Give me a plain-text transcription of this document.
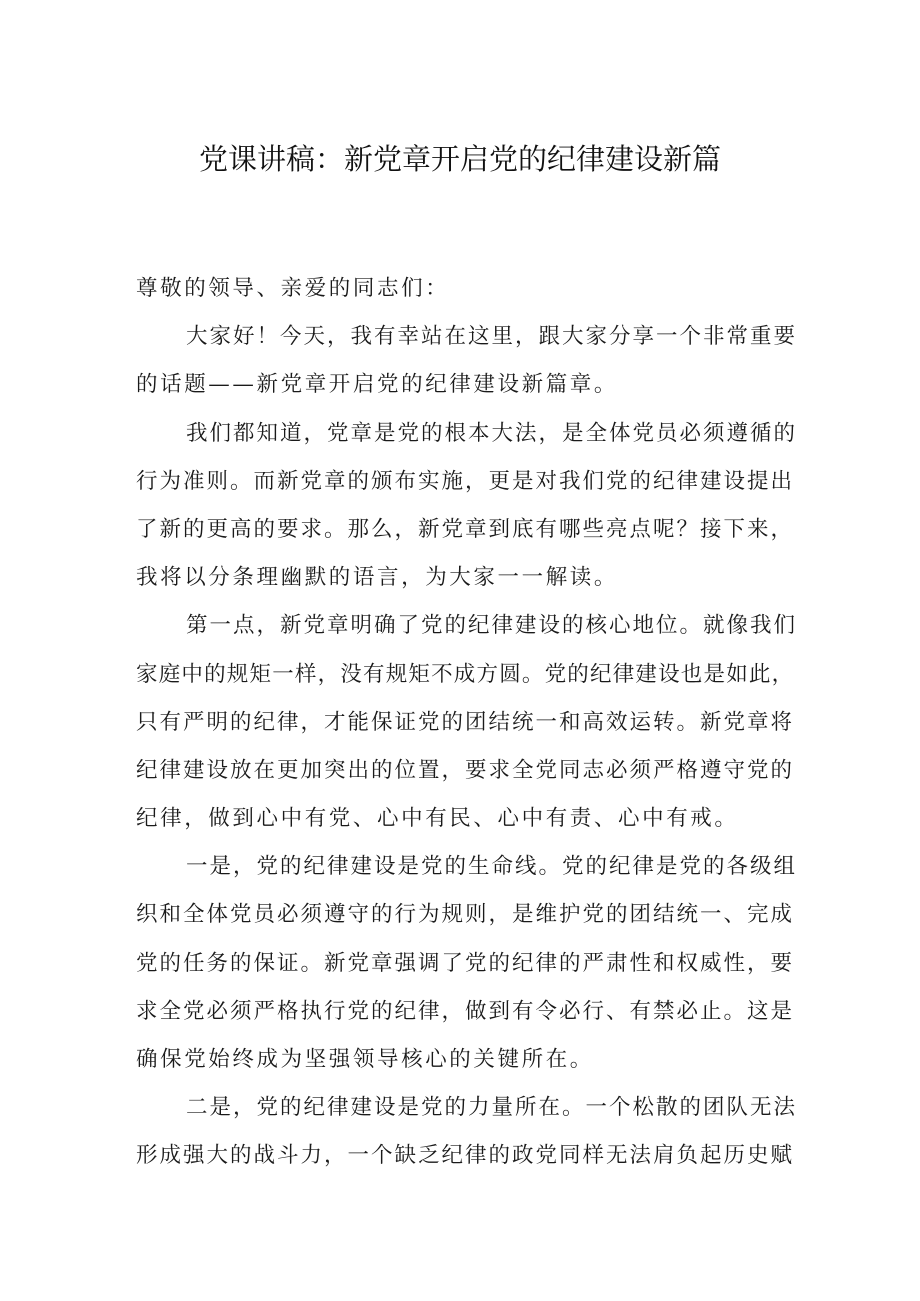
党课讲稿：新党章开启党的纪律建设新篇
尊敬的领导、亲爱的同志们：
大家好！今天，我有幸站在这里，跟大家分享一个非常重要
的话题——新党章开启党的纪律建设新篇章。
我们都知道，党章是党的根本大法，是全体党员必须遵循的
行为准则。而新党章的颁布实施，更是对我们党的纪律建设提出
了新的更高的要求。那么，新党章到底有哪些亮点呢？接下来，
我将以分条理幽默的语言，为大家一一解读。
第一点，新党章明确了党的纪律建设的核心地位。就像我们
家庭中的规矩一样，没有规矩不成方圆。党的纪律建设也是如此，
只有严明的纪律，才能保证党的团结统一和高效运转。新党章将
纪律建设放在更加突出的位置，要求全党同志必须严格遵守党的
纪律，做到心中有党、心中有民、心中有责、心中有戒。
一是，党的纪律建设是党的生命线。党的纪律是党的各级组
织和全体党员必须遵守的行为规则，是维护党的团结统一、完成
党的任务的保证。新党章强调了党的纪律的严肃性和权威性，要
求全党必须严格执行党的纪律，做到有令必行、有禁必止。这是
确保党始终成为坚强领导核心的关键所在。
二是，党的纪律建设是党的力量所在。一个松散的团队无法
形成强大的战斗力，一个缺乏纪律的政党同样无法肩负起历史赋
